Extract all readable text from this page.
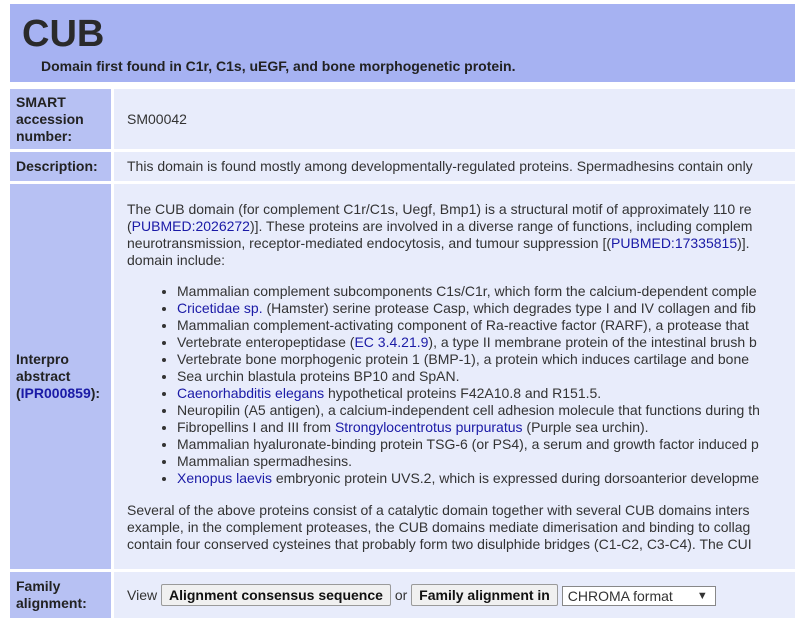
CUB
Domain first found in C1r, C1s, uEGF, and bone morphogenetic protein.
SMART
accession
number:
SM00042
Description: This domain is found mostly among developmentally-regulated proteins. Spermadhesins contain only
Interpro
abstract
(IPR000859):
The CUB domain (for complement C1r/C1s, Uegf, Bmp1) is a structural motif of approximately 110 re
(PUBMED:2026272)]. These proteins are involved in a diverse range of functions, including complem
neurotransmission, receptor-mediated endocytosis, and tumour suppression [(PUBMED:17335815)].
domain include:
• Mammalian complement subcomponents C1s/C1r, which form the calcium-dependent comple
• Cricetidae sp. (Hamster) serine protease Casp, which degrades type I and IV collagen and fib
• Mammalian complement-activating component of Ra-reactive factor (RARF), a protease that
• Vertebrate enteropeptidase (EC 3.4.21.9), a type II membrane protein of the intestinal brush b
• Vertebrate bone morphogenic protein 1 (BMP-1), a protein which induces cartilage and bone
• Sea urchin blastula proteins BP10 and SpAN.
• Caenorhabditis elegans hypothetical proteins F42A10.8 and R151.5.
• Neuropilin (A5 antigen), a calcium-independent cell adhesion molecule that functions during th
• Fibropellins I and III from Strongylocentrotus purpuratus (Purple sea urchin).
• Mammalian hyaluronate-binding protein TSG-6 (or PS4), a serum and growth factor induced p
• Mammalian spermadhesins.
• Xenopus laevis embryonic protein UVS.2, which is expressed during dorsoanterior developme
Several of the above proteins consist of a catalytic domain together with several CUB domains inters
example, in the complement proteases, the CUB domains mediate dimerisation and binding to collag
contain four conserved cysteines that probably form two disulphide bridges (C1-C2, C3-C4). The CUI
Family
alignment:	View Alignment consensus sequence or Family alignment in CHROMA format ▼
